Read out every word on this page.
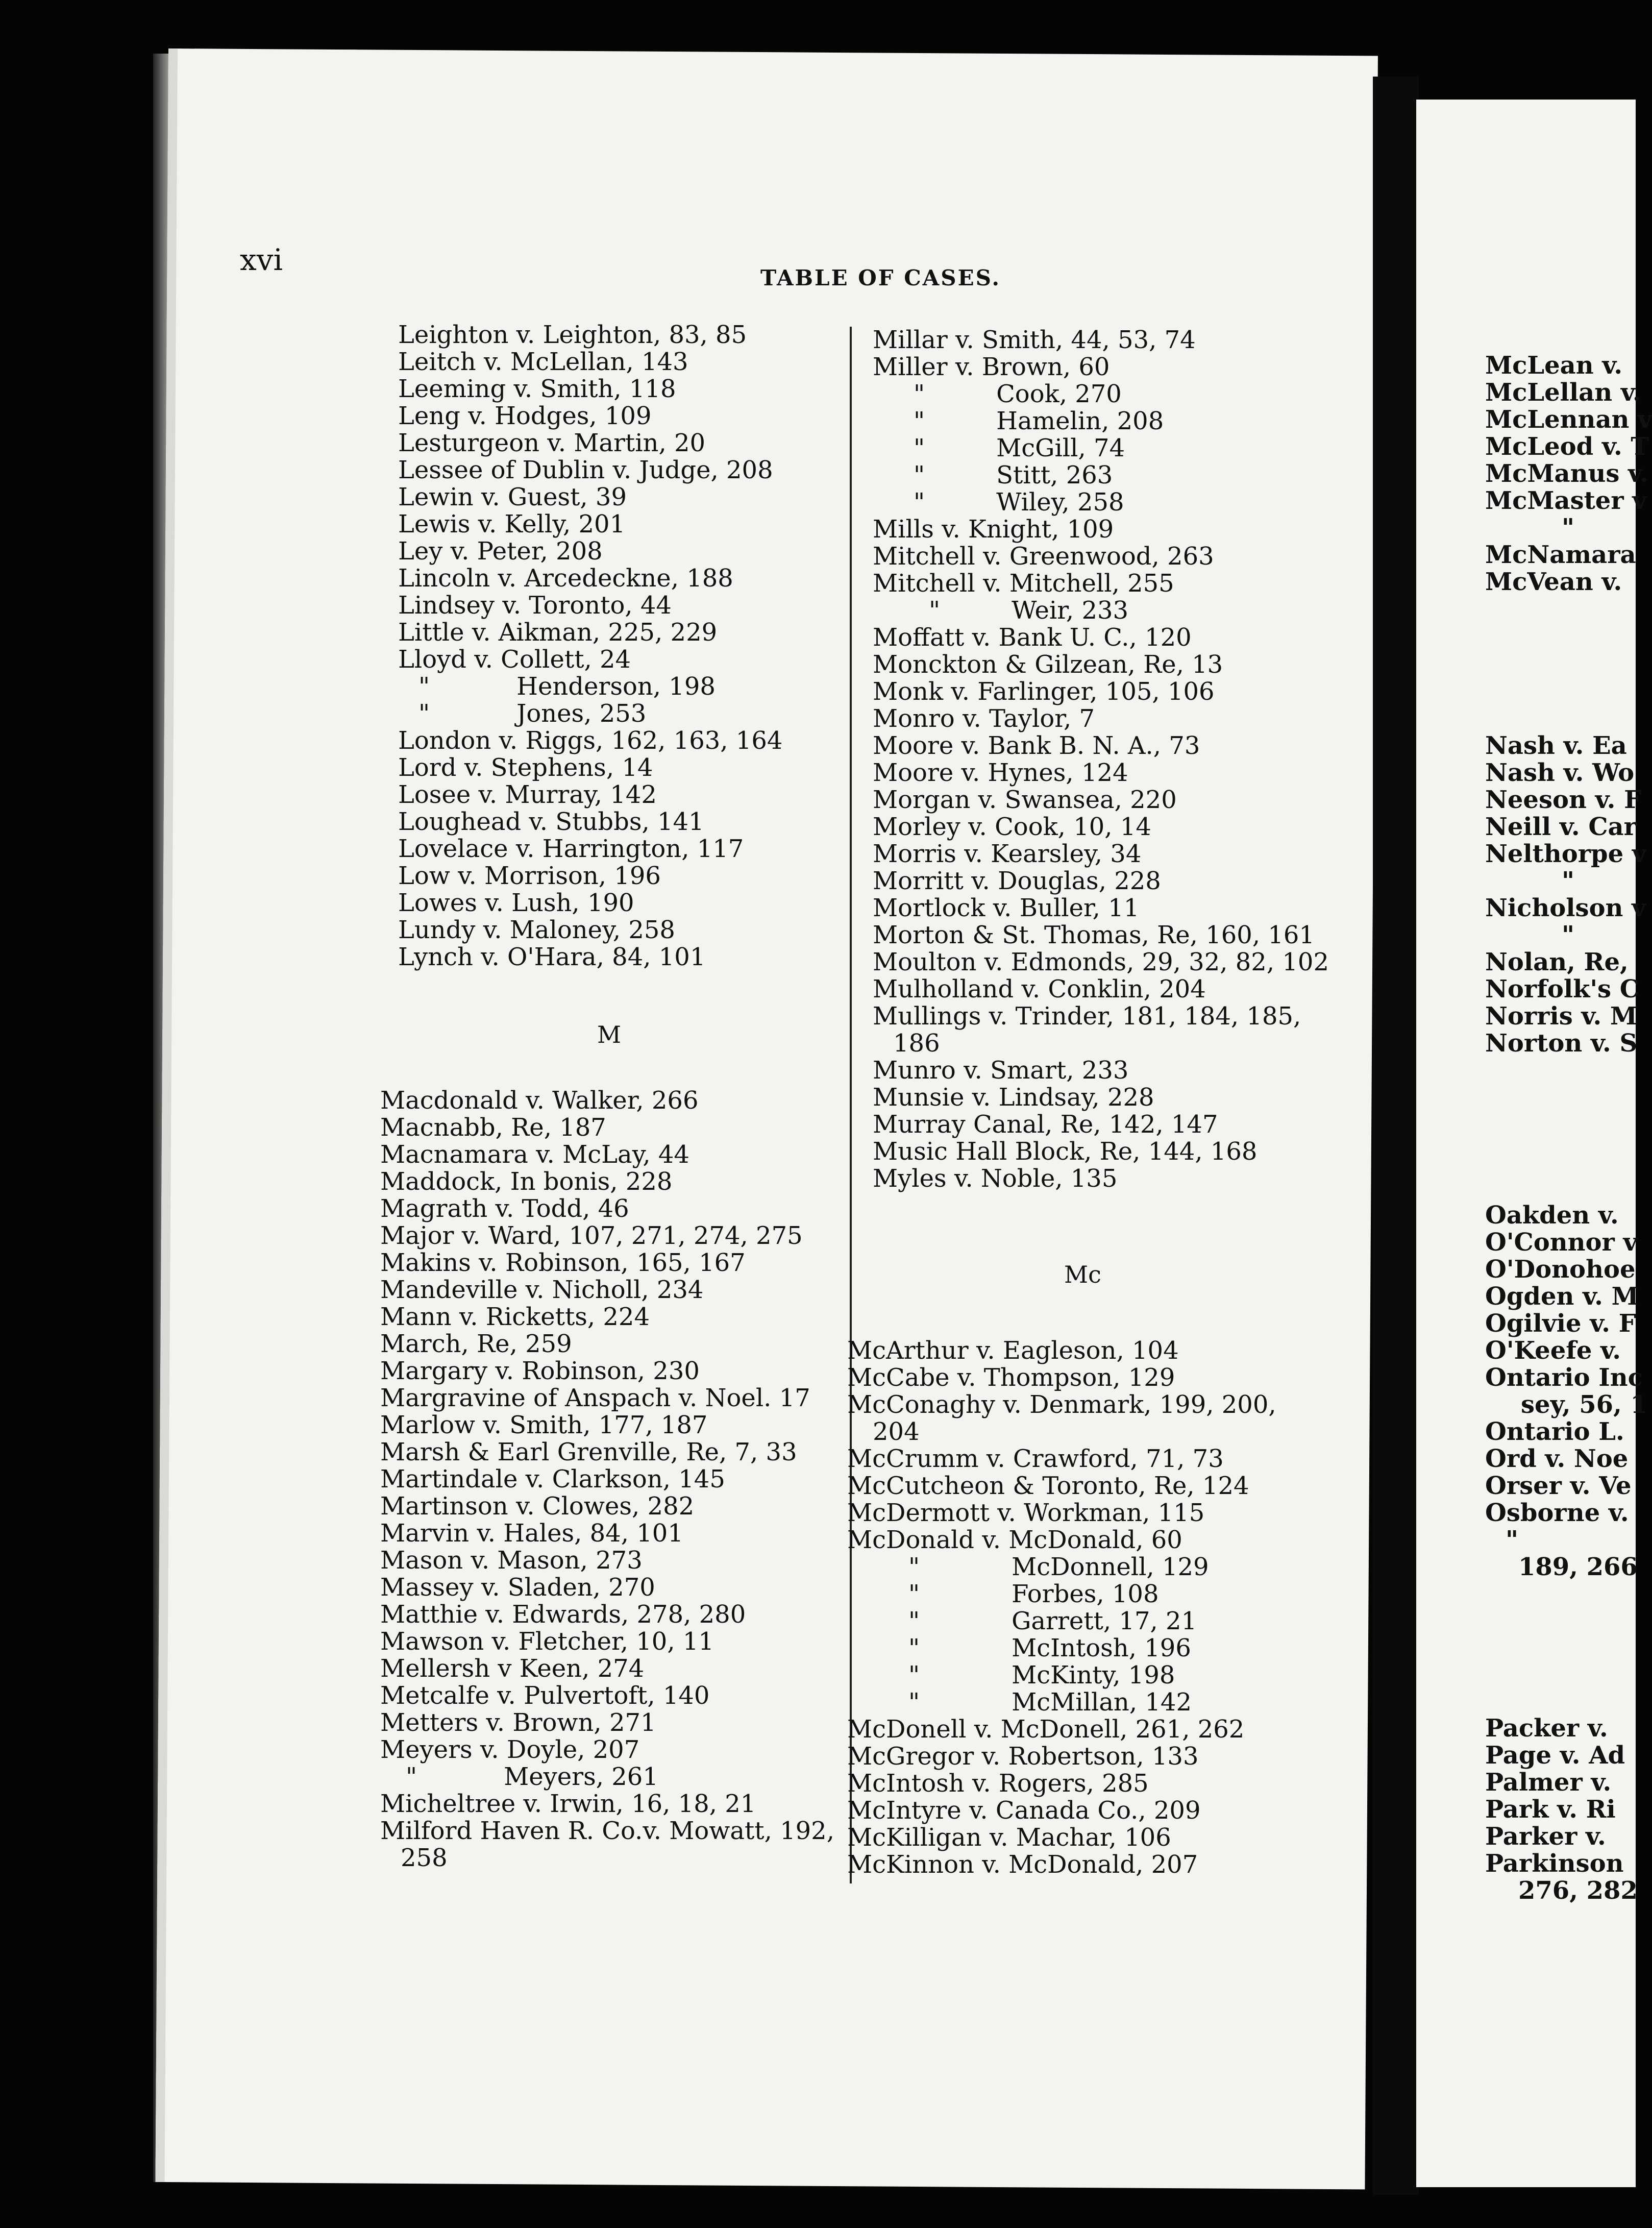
xvi
TABLE OF CASES.
Leighton v. Leighton, 83, 85
Leitch v. McLellan, 143
Leeming v. Smith, 118
Leng v. Hodges, 109
Lesturgeon v. Martin, 20
Lessee of Dublin v. Judge, 208
Lewin v. Guest, 39
Lewis v. Kelly, 201
Ley v. Peter, 208
Lincoln v. Arcedeckne, 188
Lindsey v. Toronto, 44
Little v. Aikman, 225, 229
Lloyd v. Collett, 24
"	Henderson, 198
"	Jones, 253
London v. Riggs, 162, 163, 164
Lord v. Stephens, 14
Losee v. Murray, 142
Loughead v. Stubbs, 141
Lovelace v. Harrington, 117
Low v. Morrison, 196
Lowes v. Lush, 190
Lundy v. Maloney, 258
Lynch v. O'Hara, 84, 101
M
Macdonald v. Walker, 266
Macnabb, Re, 187
Macnamara v. McLay, 44
Maddock, In bonis, 228
Magrath v. Todd, 46
Major v. Ward, 107, 271, 274, 275
Makins v. Robinson, 165, 167
Mandeville v. Nicholl, 234
Mann v. Ricketts, 224
March, Re, 259
Margary v. Robinson, 230
Margravine of Anspach v. Noel. 17
Marlow v. Smith, 177, 187
Marsh & Earl Grenville, Re, 7, 33
Martindale v. Clarkson, 145
Martinson v. Clowes, 282
Marvin v. Hales, 84, 101
Mason v. Mason, 273
Massey v. Sladen, 270
Matthie v. Edwards, 278, 280
Mawson v. Fletcher, 10, 11
Mellersh v Keen, 274
Metcalfe v. Pulvertoft, 140
Metters v. Brown, 271
Meyers v. Doyle, 207
"	Meyers, 261
Micheltree v. Irwin, 16, 18, 21
Milford Haven R. Co.v. Mowatt, 192,
258
Millar v. Smith, 44, 53, 74
Miller v. Brown, 60
"	Cook, 270
"	Hamelin, 208
"	McGill, 74
"	Stitt, 263
"	Wiley, 258
Mills v. Knight, 109
Mitchell v. Greenwood, 263
Mitchell v. Mitchell, 255
"	Weir, 233
Moffatt v. Bank U. C., 120
Monckton & Gilzean, Re, 13
Monk v. Farlinger, 105, 106
Monro v. Taylor, 7
Moore v. Bank B. N. A., 73
Moore v. Hynes, 124
Morgan v. Swansea, 220
Morley v. Cook, 10, 14
Morris v. Kearsley, 34
Morritt v. Douglas, 228
Mortlock v. Buller, 11
Morton & St. Thomas, Re, 160, 161
Moulton v. Edmonds, 29, 32, 82, 102
Mulholland v. Conklin, 204
Mullings v. Trinder, 181, 184, 185,
186
Munro v. Smart, 233
Munsie v. Lindsay, 228
Murray Canal, Re, 142, 147
Music Hall Block, Re, 144, 168
Myles v. Noble, 135
Mc
McArthur v. Eagleson, 104
McCabe v. Thompson, 129
McConaghy v. Denmark, 199, 200,
204
McCrumm v. Crawford, 71, 73
McCutcheon & Toronto, Re, 124
McDermott v. Workman, 115
McDonald v. McDonald, 60
"	McDonnell, 129
"	Forbes, 108
"	Garrett, 17, 21
"	McIntosh, 196
"	McKinty, 198
"	McMillan, 142
McDonell v. McDonell, 261, 262
McGregor v. Robertson, 133
McIntosh v. Rogers, 285
McIntyre v. Canada Co., 209
McKilligan v. Machar, 106
McKinnon v. McDonald, 207
McLean v.
McLellan v.
McLennan v
McLeod v. T
McManus v.
McMaster v
"
McNamara
McVean v.
Nash v. Ea
Nash v. Wo
Neeson v. F
Neill v. Car
Nelthorpe v
"
Nicholson v
"
Nolan, Re,
Norfolk's C
Norris v. M
Norton v. S
Oakden v.
O'Connor v
O'Donohoe
Ogden v. M
Ogilvie v. F
O'Keefe v.
Ontario Inc
sey, 56, 1
Ontario L.
Ord v. Noe
Orser v. Ve
Osborne v.
"
189, 266
Packer v.
Page v. Ad
Palmer v.
Park v. Ri
Parker v.
Parkinson
276, 282
